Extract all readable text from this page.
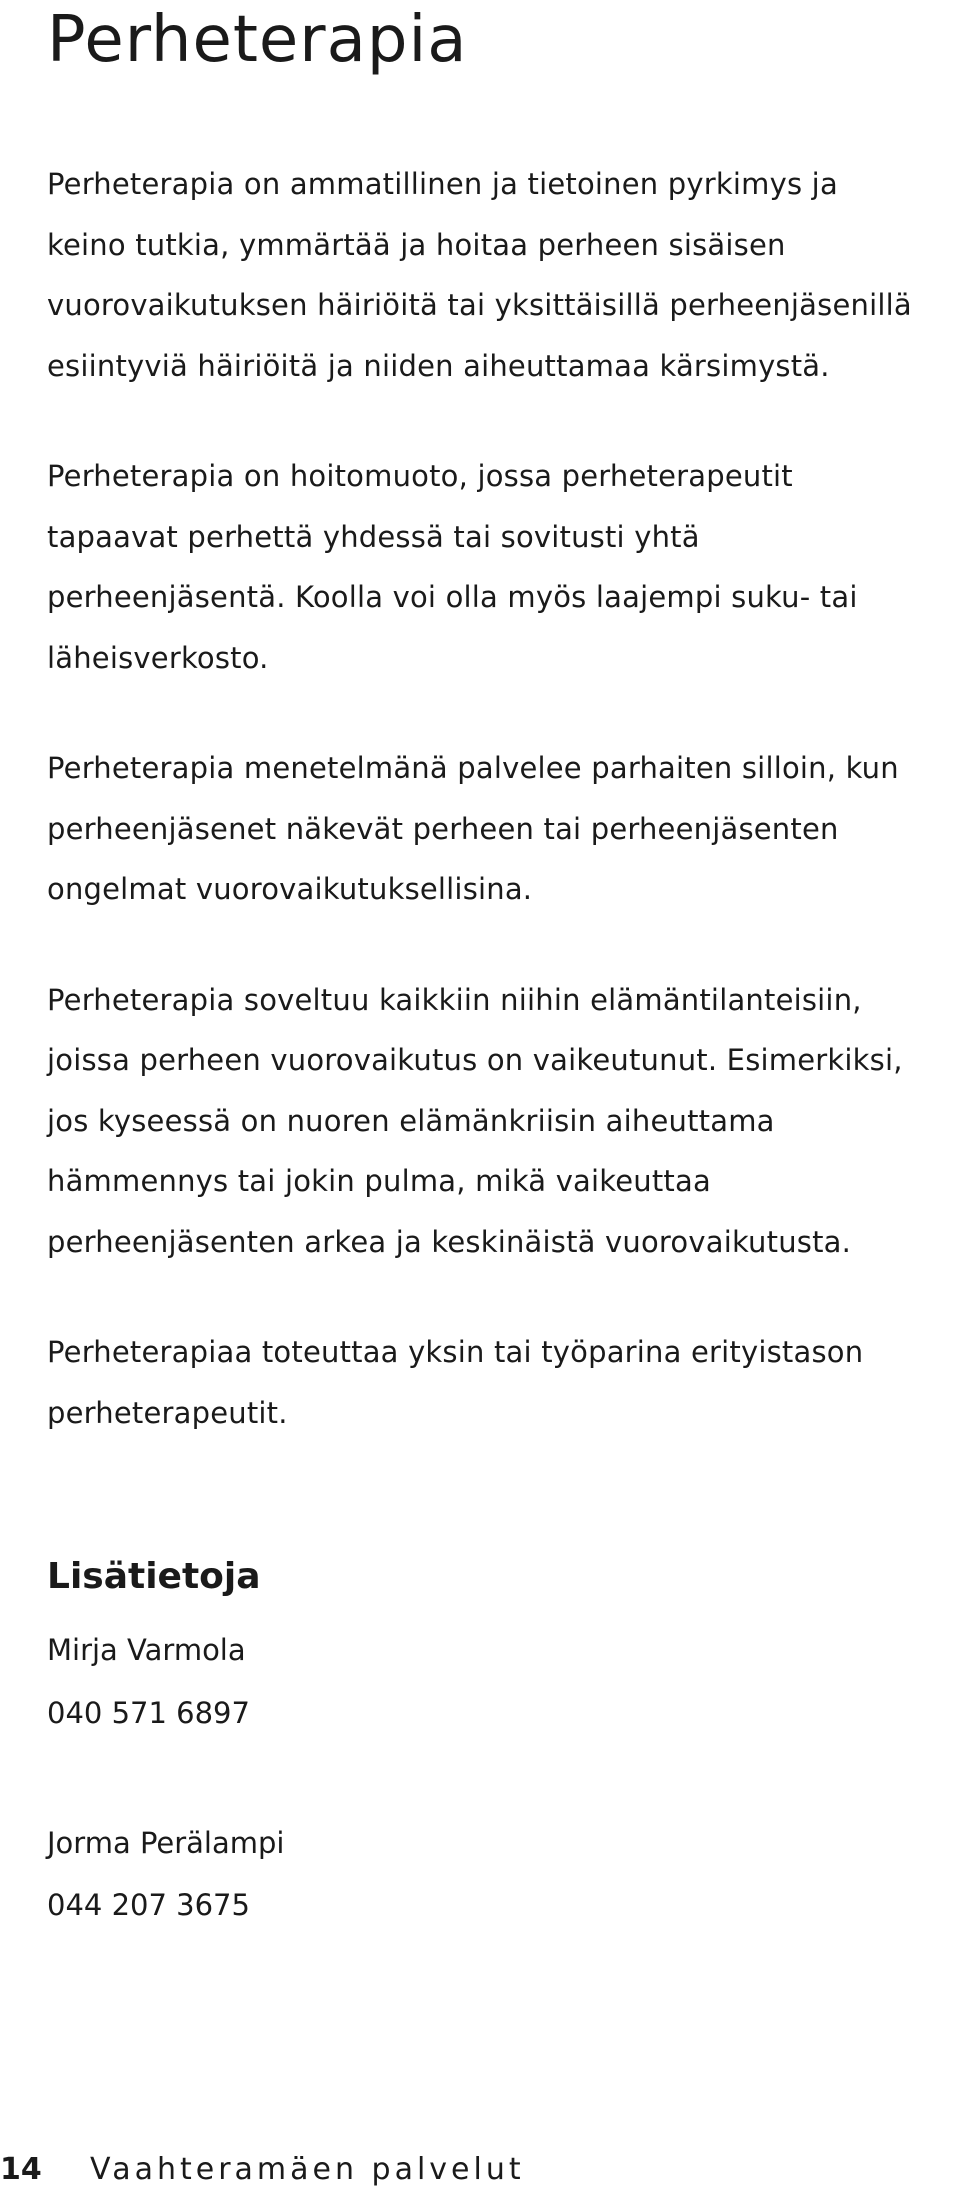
Perheterapia

Perheterapia on ammatillinen ja tietoinen pyrkimys ja keino tutkia, ymmärtää ja hoitaa perheen sisäisen vuorovaikutuksen häiriöitä tai yksittäisillä perheenjäsenillä esiintyviä häiriöitä ja niiden aiheuttamaa kärsimystä.

Perheterapia on hoitomuoto, jossa perheterapeutit tapaavat perhettä yhdessä tai sovitusti yhtä perheenjäsentä. Koolla voi olla myös laajempi suku- tai läheisverkosto.

Perheterapia menetelmänä palvelee parhaiten silloin, kun perheenjäsenet näkevät perheen tai perheenjäsenten ongelmat vuorovaikutuksellisina.

Perheterapia soveltuu kaikkiin niihin elämäntilanteisiin, joissa perheen vuorovaikutus on vaikeutunut. Esimerkiksi, jos kyseessä on nuoren elämänkriisin aiheuttama hämmennys tai jokin pulma, mikä vaikeuttaa perheenjäsenten arkea ja keskinäistä vuorovaikutusta.

Perheterapiaa toteuttaa yksin tai työparina erityistason perheterapeutit.

Lisätietoja
Mirja Varmola
040 571 6897
Jorma Perälampi
044 207 3675
14 Vaahteramäen palvelut
